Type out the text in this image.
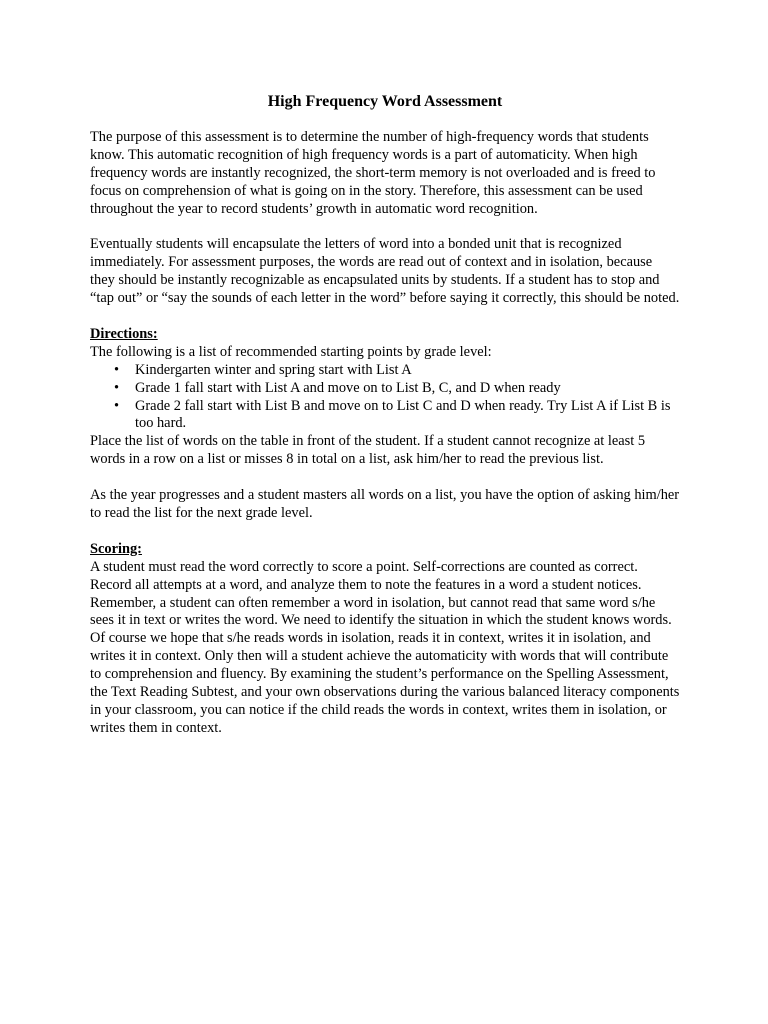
High Frequency Word Assessment

The purpose of this assessment is to determine the number of high-frequency words that students know. This automatic recognition of high frequency words is a part of automaticity. When high frequency words are instantly recognized, the short-term memory is not overloaded and is freed to focus on comprehension of what is going on in the story. Therefore, this assessment can be used throughout the year to record students’ growth in automatic word recognition.

Eventually students will encapsulate the letters of word into a bonded unit that is recognized immediately. For assessment purposes, the words are read out of context and in isolation, because they should be instantly recognizable as encapsulated units by students. If a student has to stop and “tap out” or “say the sounds of each letter in the word” before saying it correctly, this should be noted.

Directions:

The following is a list of recommended starting points by grade level:

• Kindergarten winter and spring start with List A
• Grade 1 fall start with List A and move on to List B, C, and D when ready
• Grade 2 fall start with List B and move on to List C and D when ready. Try List A if List B is too hard.

Place the list of words on the table in front of the student. If a student cannot recognize at least 5 words in a row on a list or misses 8 in total on a list, ask him/her to read the previous list.

As the year progresses and a student masters all words on a list, you have the option of asking him/her to read the list for the next grade level.

Scoring:

A student must read the word correctly to score a point. Self-corrections are counted as correct. Record all attempts at a word, and analyze them to note the features in a word a student notices. Remember, a student can often remember a word in isolation, but cannot read that same word s/he sees it in text or writes the word. We need to identify the situation in which the student knows words. Of course we hope that s/he reads words in isolation, reads it in context, writes it in isolation, and writes it in context. Only then will a student achieve the automaticity with words that will contribute to comprehension and fluency. By examining the student’s performance on the Spelling Assessment, the Text Reading Subtest, and your own observations during the various balanced literacy components in your classroom, you can notice if the child reads the words in context, writes them in isolation, or writes them in context.
